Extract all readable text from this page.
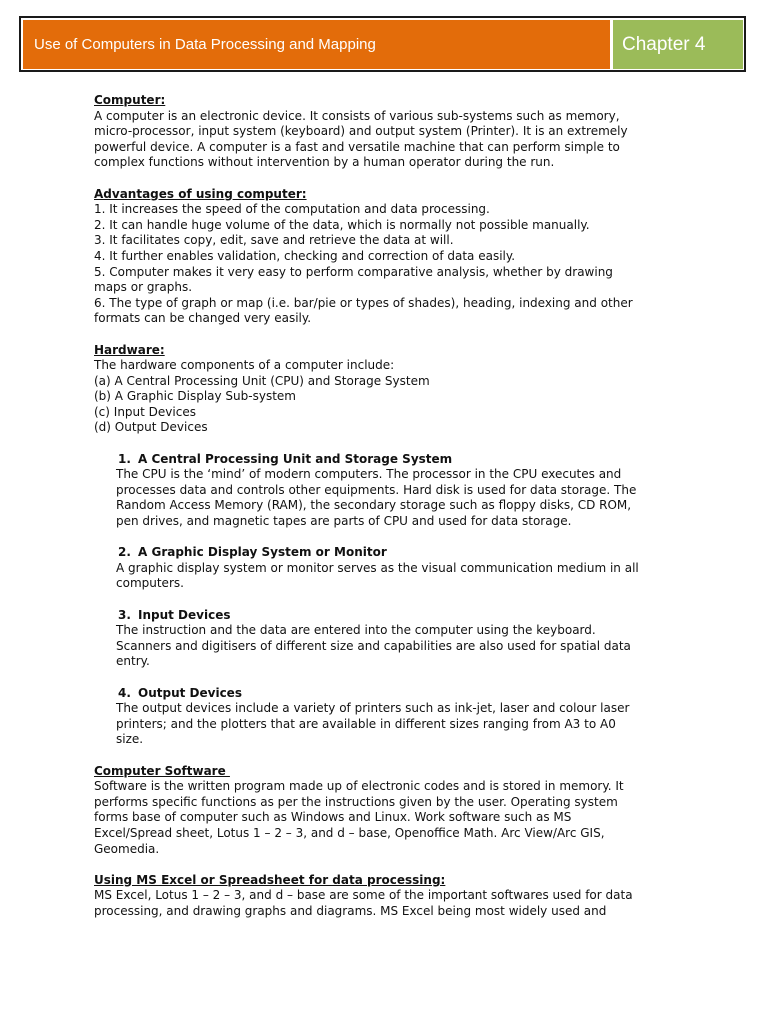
Use of Computers in Data Processing and Mapping	Chapter 4

Computer:

A computer is an electronic device. It consists of various sub-systems such as memory,

micro-processor, input system (keyboard) and output system (Printer). It is an extremely

powerful device. A computer is a fast and versatile machine that can perform simple to

complex functions without intervention by a human operator during the run.

Advantages of using computer:

1. It increases the speed of the computation and data processing.

2. It can handle huge volume of the data, which is normally not possible manually.

3. It facilitates copy, edit, save and retrieve the data at will.

4. It further enables validation, checking and correction of data easily.

5. Computer makes it very easy to perform comparative analysis, whether by drawing

maps or graphs.

6. The type of graph or map (i.e. bar/pie or types of shades), heading, indexing and other

formats can be changed very easily.

Hardware:

The hardware components of a computer include:

(a) A Central Processing Unit (CPU) and Storage System

(b) A Graphic Display Sub-system

(c) Input Devices

(d) Output Devices

1. A Central Processing Unit and Storage System

The CPU is the ‘mind’ of modern computers. The processor in the CPU executes and

processes data and controls other equipments. Hard disk is used for data storage. The

Random Access Memory (RAM), the secondary storage such as floppy disks, CD ROM,

pen drives, and magnetic tapes are parts of CPU and used for data storage.

2. A Graphic Display System or Monitor

A graphic display system or monitor serves as the visual communication medium in all

computers.

3. Input Devices

The instruction and the data are entered into the computer using the keyboard.

Scanners and digitisers of different size and capabilities are also used for spatial data

entry.

4. Output Devices

The output devices include a variety of printers such as ink-jet, laser and colour laser

printers; and the plotters that are available in different sizes ranging from A3 to A0

size.

Computer Software

Software is the written program made up of electronic codes and is stored in memory. It

performs specific functions as per the instructions given by the user. Operating system

forms base of computer such as Windows and Linux. Work software such as MS

Excel/Spread sheet, Lotus 1 – 2 – 3, and d – base, Openoffice Math. Arc View/Arc GIS,

Geomedia.

Using MS Excel or Spreadsheet for data processing:

MS Excel, Lotus 1 – 2 – 3, and d – base are some of the important softwares used for data

processing, and drawing graphs and diagrams. MS Excel being most widely used and
